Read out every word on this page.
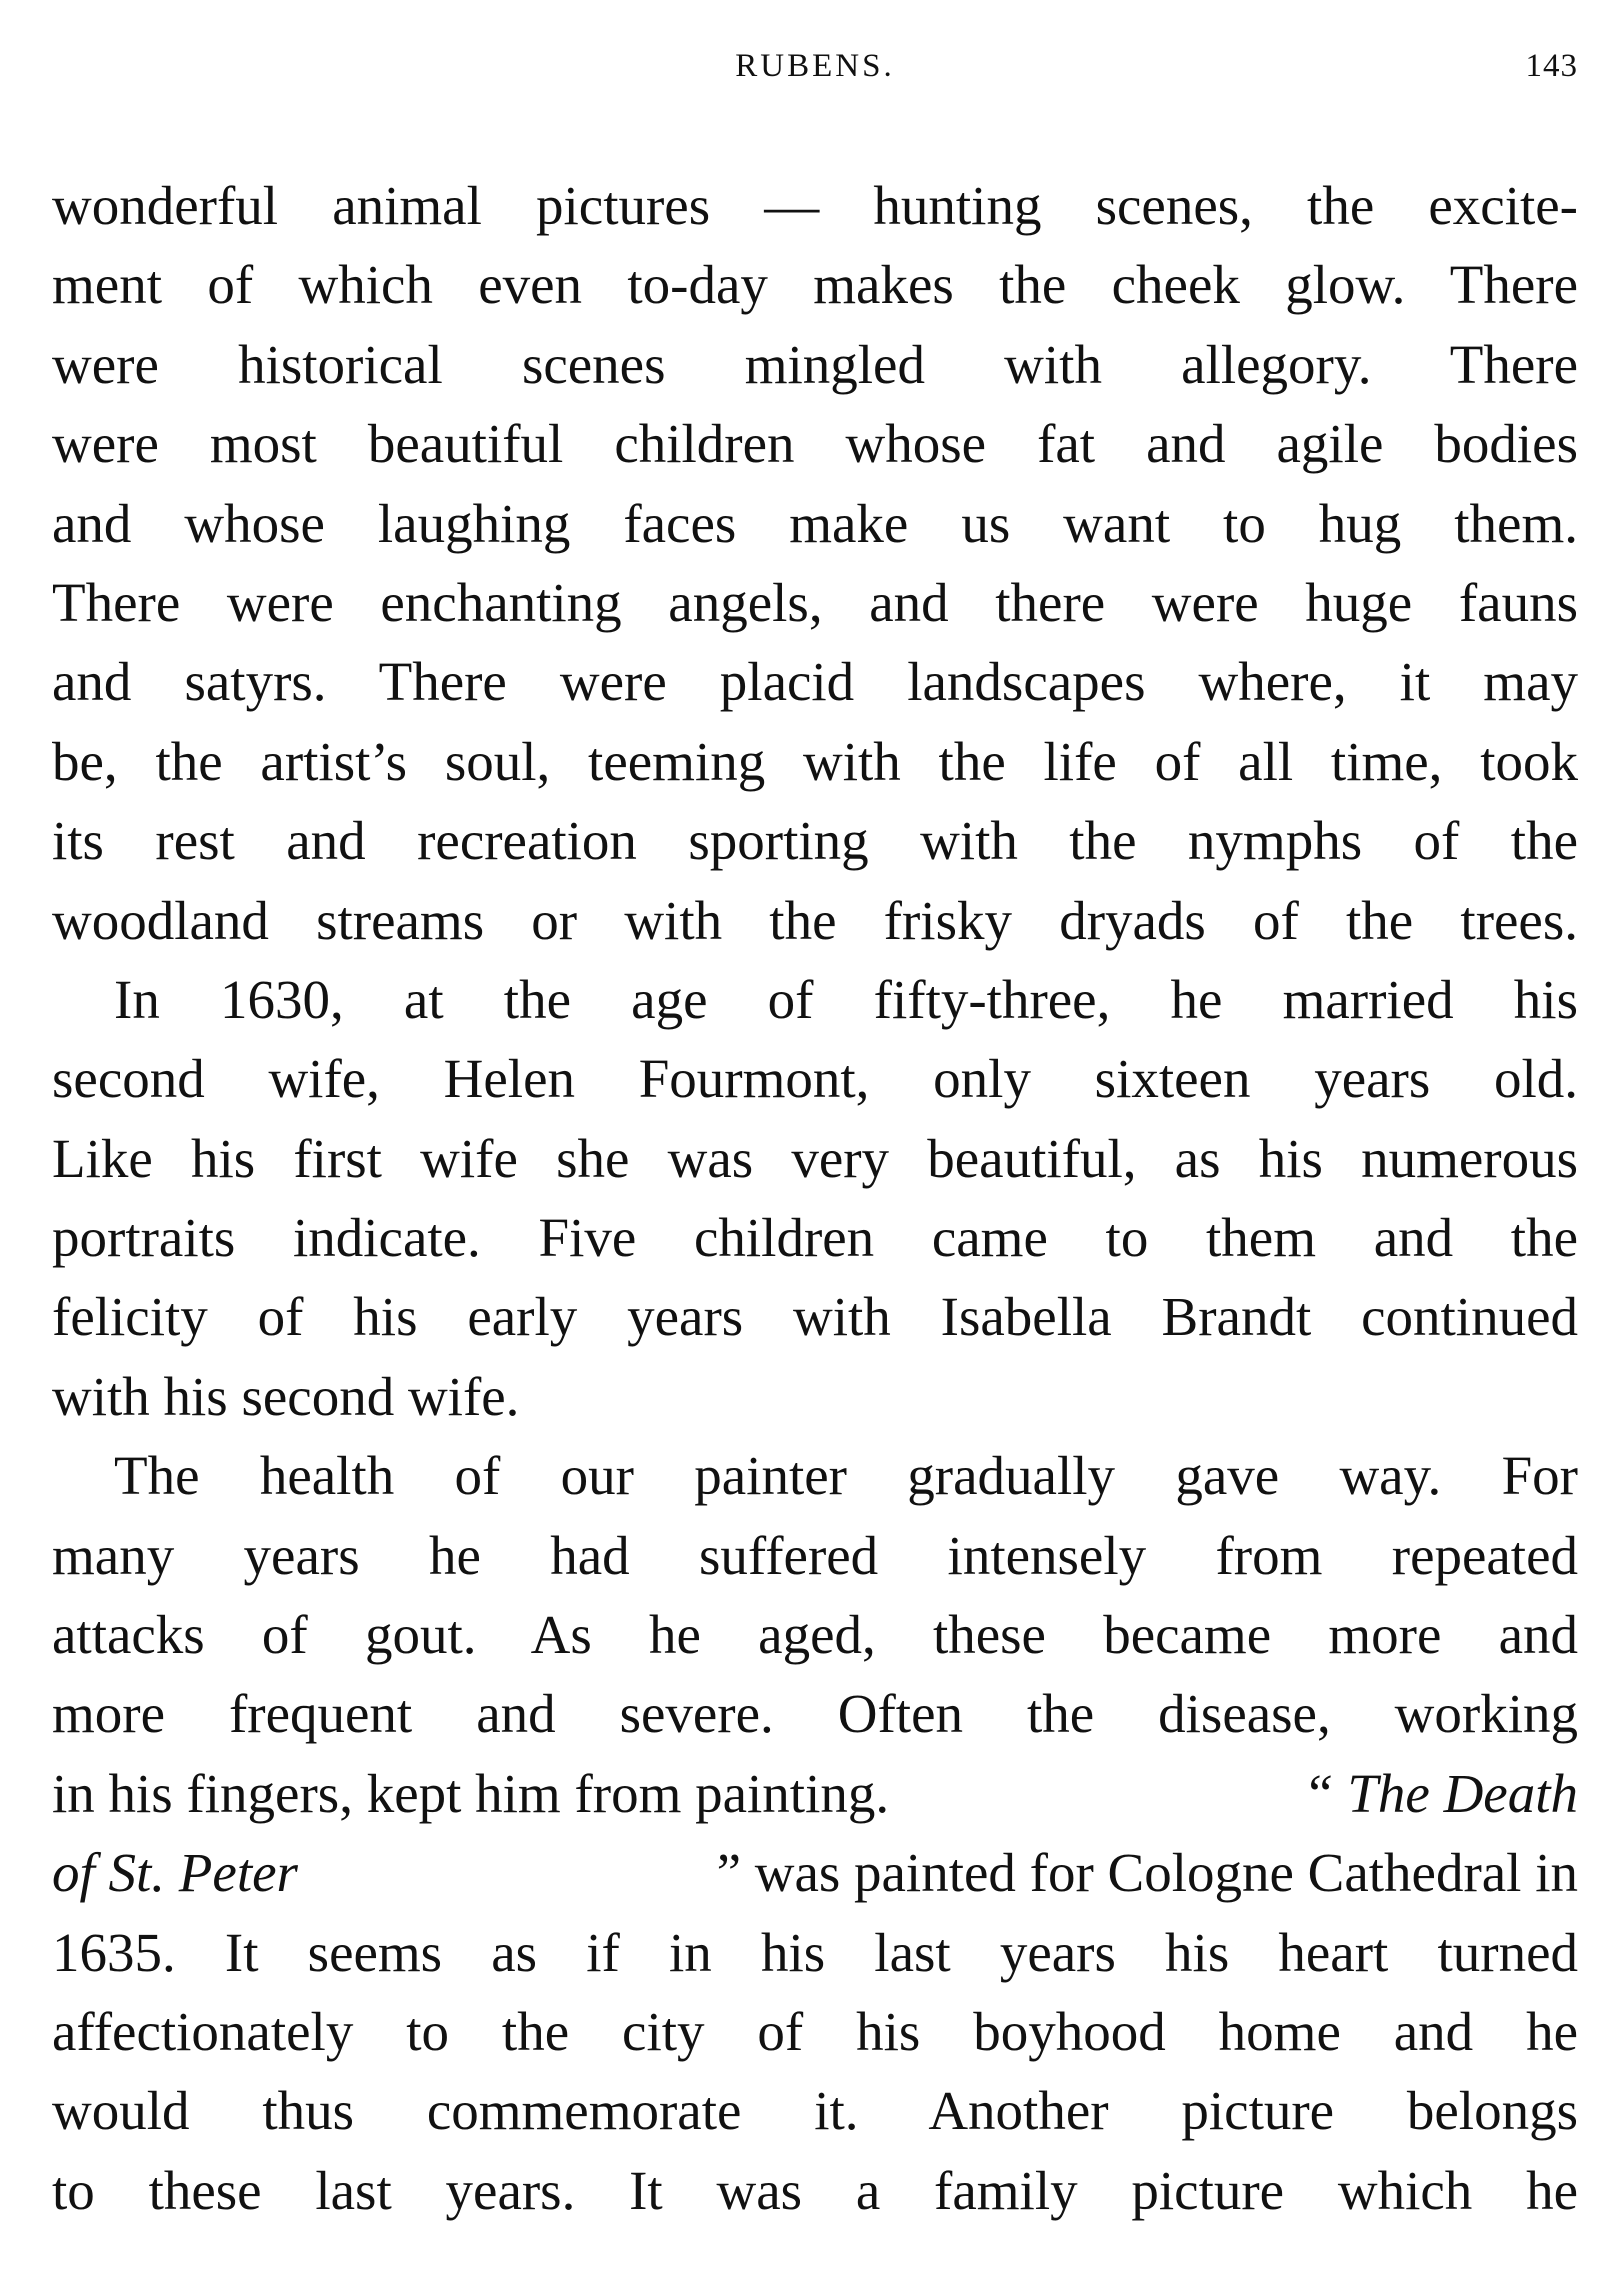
RUBENS.	143
wonderful animal pictures — hunting scenes, the excite-
ment of which even to-day makes the cheek glow. There
were historical scenes mingled with allegory. There
were most beautiful children whose fat and agile bodies
and whose laughing faces make us want to hug them.
There were enchanting angels, and there were huge fauns
and satyrs. There were placid landscapes where, it may
be, the artist’s soul, teeming with the life of all time, took
its rest and recreation sporting with the nymphs of the
woodland streams or with the frisky dryads of the trees.
In 1630, at the age of fifty-three, he married his
second wife, Helen Fourmont, only sixteen years old.
Like his first wife she was very beautiful, as his numerous
portraits indicate. Five children came to them and the
felicity of his early years with Isabella Brandt continued
with his second wife.
The health of our painter gradually gave way. For
many years he had suffered intensely from repeated
attacks of gout. As he aged, these became more and
more frequent and severe. Often the disease, working
in his fingers, kept him from painting.	“ The Death
of St. Peter	” was painted for Cologne Cathedral in
1635. It seems as if in his last years his heart turned
affectionately to the city of his boyhood home and he
would thus commemorate it. Another picture belongs
to these last years. It was a family picture which he
